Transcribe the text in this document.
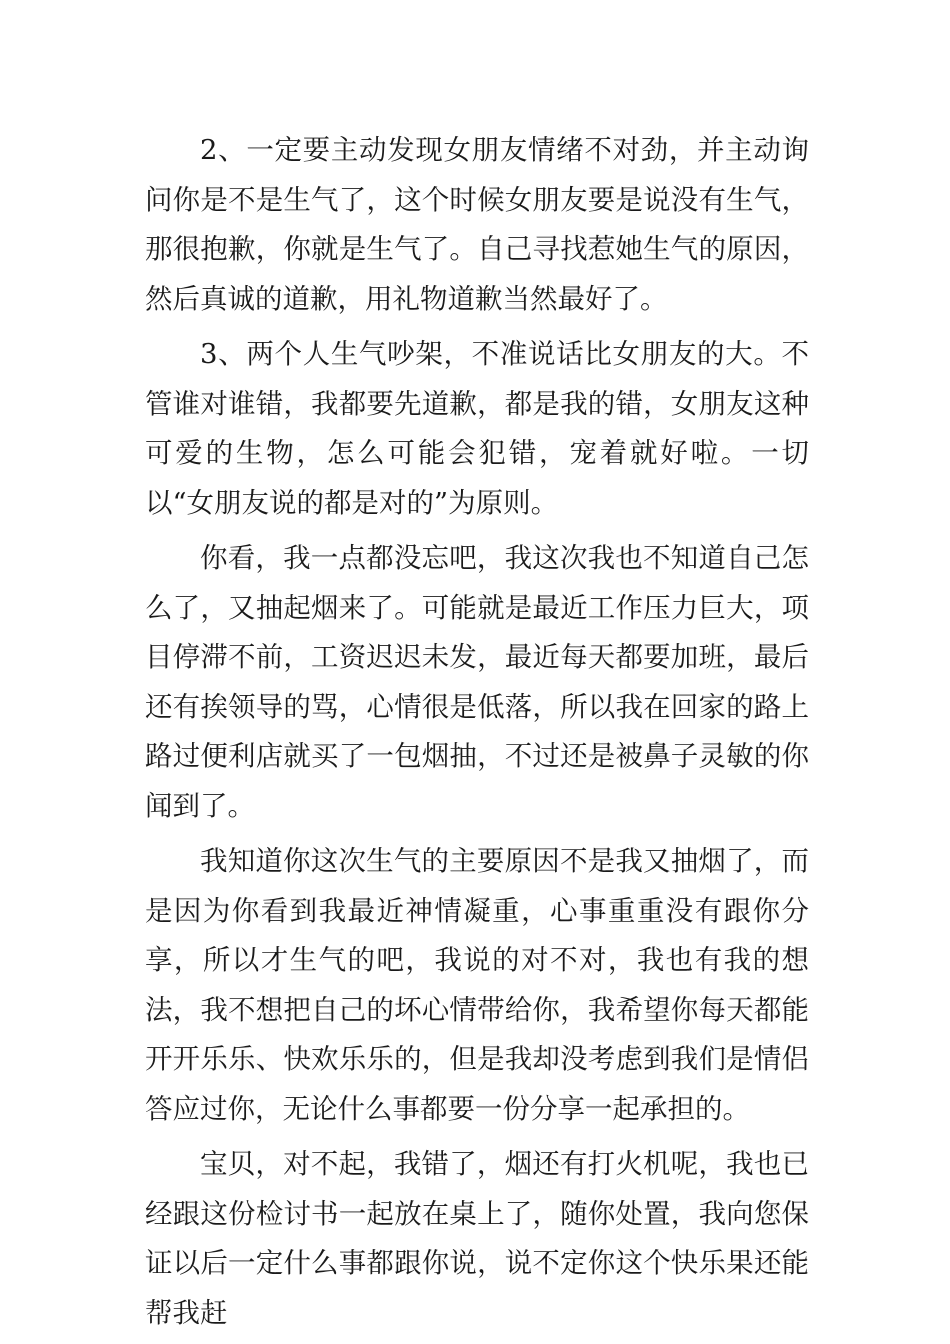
2、一定要主动发现女朋友情绪不对劲，并主动询问你是不是生气了，这个时候女朋友要是说没有生气，那很抱歉，你就是生气了。自己寻找惹她生气的原因，然后真诚的道歉，用礼物道歉当然最好了。

3、两个人生气吵架，不准说话比女朋友的大。不管谁对谁错，我都要先道歉，都是我的错，女朋友这种可爱的生物，怎么可能会犯错，宠着就好啦。一切以“女朋友说的都是对的”为原则。

你看，我一点都没忘吧，我这次我也不知道自己怎么了，又抽起烟来了。可能就是最近工作压力巨大，项目停滞不前，工资迟迟未发，最近每天都要加班，最后还有挨领导的骂，心情很是低落，所以我在回家的路上路过便利店就买了一包烟抽，不过还是被鼻子灵敏的你闻到了。

我知道你这次生气的主要原因不是我又抽烟了，而是因为你看到我最近神情凝重，心事重重没有跟你分享，所以才生气的吧，我说的对不对，我也有我的想法，我不想把自己的坏心情带给你，我希望你每天都能开开乐乐、快欢乐乐的，但是我却没考虑到我们是情侣答应过你，无论什么事都要一份分享一起承担的。

宝贝，对不起，我错了，烟还有打火机呢，我也已经跟这份检讨书一起放在桌上了，随你处置，我向您保证以后一定什么事都跟你说，说不定你这个快乐果还能帮我赶
